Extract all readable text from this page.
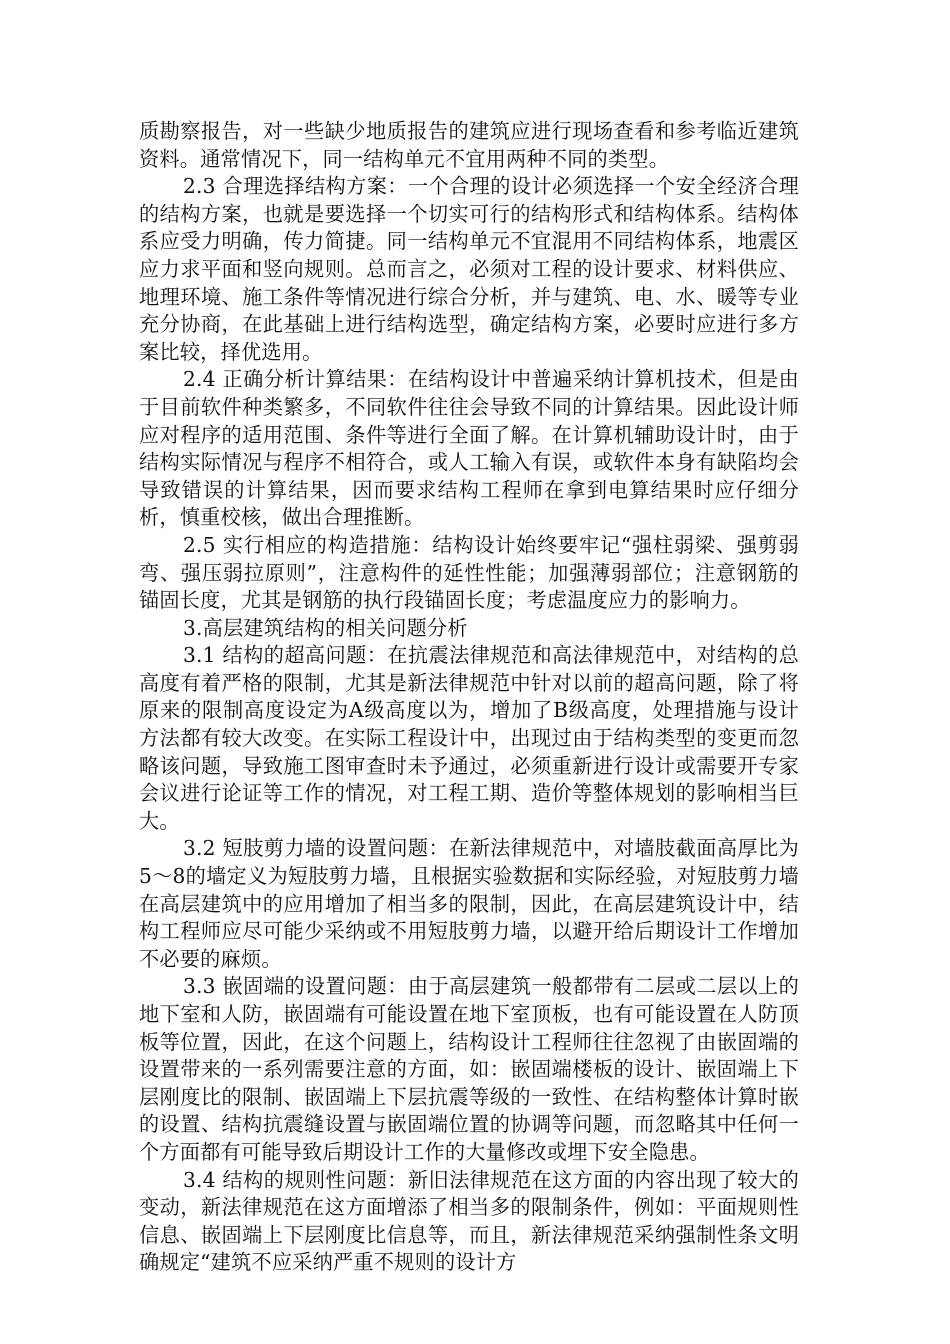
质勘察报告，对一些缺少地质报告的建筑应进行现场查看和参考临近建筑资料。通常情况下，同一结构单元不宜用两种不同的类型。

2.3 合理选择结构方案：一个合理的设计必须选择一个安全经济合理的结构方案，也就是要选择一个切实可行的结构形式和结构体系。结构体系应受力明确，传力简捷。同一结构单元不宜混用不同结构体系，地震区应力求平面和竖向规则。总而言之，必须对工程的设计要求、材料供应、地理环境、施工条件等情况进行综合分析，并与建筑、电、水、暖等专业充分协商，在此基础上进行结构选型，确定结构方案，必要时应进行多方案比较，择优选用。

2.4 正确分析计算结果：在结构设计中普遍采纳计算机技术，但是由于目前软件种类繁多，不同软件往往会导致不同的计算结果。因此设计师应对程序的适用范围、条件等进行全面了解。在计算机辅助设计时，由于结构实际情况与程序不相符合，或人工输入有误，或软件本身有缺陷均会导致错误的计算结果，因而要求结构工程师在拿到电算结果时应仔细分析，慎重校核，做出合理推断。

2.5 实行相应的构造措施：结构设计始终要牢记“强柱弱梁、强剪弱弯、强压弱拉原则”，注意构件的延性性能；加强薄弱部位；注意钢筋的锚固长度，尤其是钢筋的执行段锚固长度；考虑温度应力的影响力。

3.高层建筑结构的相关问题分析

3.1 结构的超高问题：在抗震法律规范和高法律规范中，对结构的总高度有着严格的限制，尤其是新法律规范中针对以前的超高问题，除了将原来的限制高度设定为A级高度以为，增加了B级高度，处理措施与设计方法都有较大改变。在实际工程设计中，出现过由于结构类型的变更而忽略该问题，导致施工图审查时未予通过，必须重新进行设计或需要开专家会议进行论证等工作的情况，对工程工期、造价等整体规划的影响相当巨大。

3.2 短肢剪力墙的设置问题：在新法律规范中，对墙肢截面高厚比为5～8的墙定义为短肢剪力墙，且根据实验数据和实际经验，对短肢剪力墙在高层建筑中的应用增加了相当多的限制，因此，在高层建筑设计中，结构工程师应尽可能少采纳或不用短肢剪力墙，以避开给后期设计工作增加不必要的麻烦。

3.3 嵌固端的设置问题：由于高层建筑一般都带有二层或二层以上的地下室和人防，嵌固端有可能设置在地下室顶板，也有可能设置在人防顶板等位置，因此，在这个问题上，结构设计工程师往往忽视了由嵌固端的设置带来的一系列需要注意的方面，如：嵌固端楼板的设计、嵌固端上下层刚度比的限制、嵌固端上下层抗震等级的一致性、在结构整体计算时嵌的设置、结构抗震缝设置与嵌固端位置的协调等问题，而忽略其中任何一个方面都有可能导致后期设计工作的大量修改或埋下安全隐患。

3.4 结构的规则性问题：新旧法律规范在这方面的内容出现了较大的变动，新法律规范在这方面增添了相当多的限制条件，例如：平面规则性信息、嵌固端上下层刚度比信息等，而且，新法律规范采纳强制性条文明确规定“建筑不应采纳严重不规则的设计方
